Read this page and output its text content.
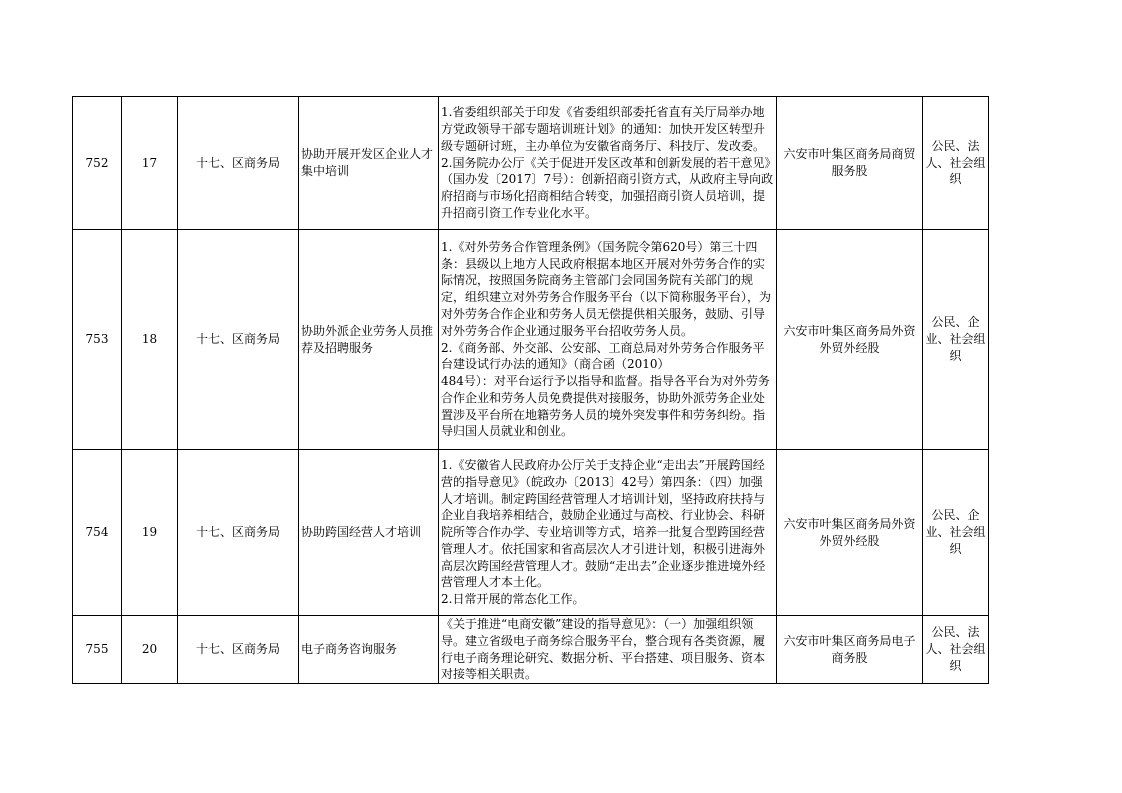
752	17	十七、区商务局	协助开展开发区企业人才集中培训	1.省委组织部关于印发《省委组织部委托省直有关厅局举办地方党政领导干部专题培训班计划》的通知：加快开发区转型升级专题研讨班，主办单位为安徽省商务厅、科技厅、发改委。
2.国务院办公厅《关于促进开发区改革和创新发展的若干意见》（国办发〔2017〕7号）：创新招商引资方式，从政府主导向政府招商与市场化招商相结合转变，加强招商引资人员培训，提升招商引资工作专业化水平。	六安市叶集区商务局商贸服务股	公民、法人、社会组织
753	18	十七、区商务局	协助外派企业劳务人员推荐及招聘服务	1.《对外劳务合作管理条例》（国务院令第620号）第三十四条：县级以上地方人民政府根据本地区开展对外劳务合作的实际情况，按照国务院商务主管部门会同国务院有关部门的规定，组织建立对外劳务合作服务平台（以下简称服务平台），为对外劳务合作企业和劳务人员无偿提供相关服务，鼓励、引导对外劳务合作企业通过服务平台招收劳务人员。
2.《商务部、外交部、公安部、工商总局对外劳务合作服务平台建设试行办法的通知》（商合函（2010）
484号）：对平台运行予以指导和监督。指导各平台为对外劳务合作企业和劳务人员免费提供对接服务，协助外派劳务企业处置涉及平台所在地籍劳务人员的境外突发事件和劳务纠纷。指导归国人员就业和创业。	六安市叶集区商务局外资外贸外经股	公民、企业、社会组织
754	19	十七、区商务局	协助跨国经营人才培训	1.《安徽省人民政府办公厅关于支持企业“走出去”开展跨国经营的指导意见》（皖政办〔2013〕42号）第四条：（四）加强人才培训。制定跨国经营管理人才培训计划，坚持政府扶持与企业自我培养相结合，鼓励企业通过与高校、行业协会、科研院所等合作办学、专业培训等方式，培养一批复合型跨国经营管理人才。依托国家和省高层次人才引进计划，积极引进海外高层次跨国经营管理人才。鼓励“走出去”企业逐步推进境外经营管理人才本土化。
2.日常开展的常态化工作。	六安市叶集区商务局外资外贸外经股	公民、企业、社会组织
755	20	十七、区商务局	电子商务咨询服务	《关于推进“电商安徽”建设的指导意见》：（一）加强组织领导。建立省级电子商务综合服务平台，整合现有各类资源，履行电子商务理论研究、数据分析、平台搭建、项目服务、资本对接等相关职责。	六安市叶集区商务局电子商务股	公民、法人、社会组织
